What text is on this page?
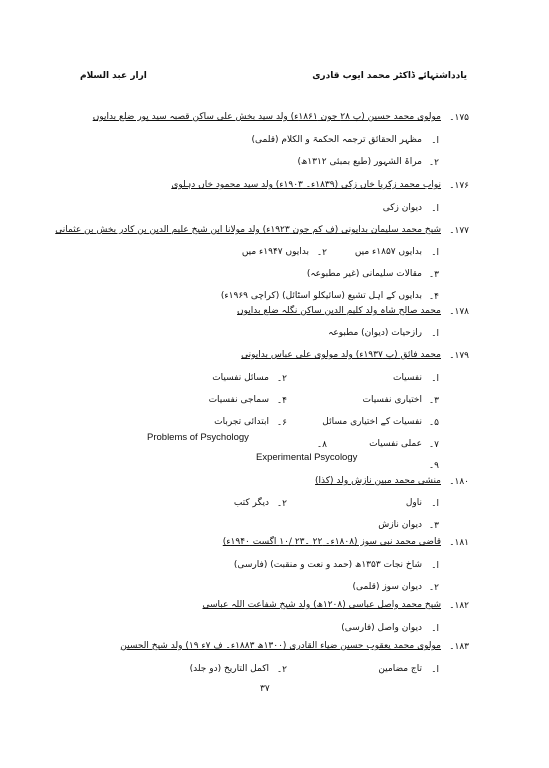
یادداشتہائے ڈاکٹر محمد ایوب قادری
ارار عبد السلام
۱۷۵۔
مولوی محمد حسین (پ ۲۸ جون ۱۸۶۱ء) ولد سید بخش علی ساکن قصبہ سید پور ضلع بدایوں
ا۔
مظہر الحقائق ترجمہ الحکمۃ و الکلام (قلمی)
۲۔
مراۃ الشہور (طبع بمبئی ۱۳۱۲ھ)
۱۷۶۔
نواب محمد زکریا خاں زکی (۱۸۳۹ء۔ ۱۹۰۳ء) ولد سید محمود خاں دہلوی
ا۔
دیوان زکی
۱۷۷۔
شیخ محمد سلیمان بدایونی (ف کم جون ۱۹۲۳ء) ولد مولانا ابن شیخ علیم الدین بن کادر بخش بن عثمانی
ا۔
بدایوں ۱۸۵۷ء میں
۲۔
بدایوں ۱۹۴۷ء میں
۳۔
مقالات سلیمانی (غیر مطبوعہ)
۴۔
بدایوں کے اہل تشیع (سائیکلو اسٹائل) (کراچی ۱۹۶۹ء)
۱۷۸۔
محمد صالح شاہ ولد کلیم الدین ساکن نگلہ ضلع بدایوں
ا۔
رازحیات (دیوان) مطبوعہ
۱۷۹۔
محمد فائق (پ ۱۹۳۷ء) ولد مولوی علی عباس بدایونی
ا۔
نفسیات
۲۔
مسائل نفسیات
۳۔
اختیاری نفسیات
۴۔
سماجی نفسیات
۵۔
نفسیات کے اختیاری مسائل
۶۔
ابتدائی تجربات
۷۔
عملی نفسیات
۸۔
Problems of Psychology
۹۔
Experimental Psycology
۱۸۰۔
منشی محمد مبین نازش ولد (کذا)
ا۔
ناول
۲۔
دیگر کتب
۳۔
دیوان نازش
۱۸۱۔
قاضی محمد نبی سوز (۱۸۰۸ء۔ ۲۲ ۔۲۳ /۱۰ اگست ۱۹۴۰ء)
ا۔
شاخ نجات ۱۳۵۳ھ (حمد و نعت و منقبت) (فارسی)
۲۔
دیوان سوز (قلمی)
۱۸۲۔
شیخ محمد واصل عباسی (۱۲۰۸ھ) ولد شیخ شفاعت اللہ عباسی
ا۔
دیوان واصل (فارسی)
۱۸۳۔
مولوی محمد یعقوب حسین ضیاء القادری (۱۳۰۰ھ ۱۸۸۳ء۔ ف ۷ء ۱۹) ولد شیخ الحسین
ا۔
تاج مضامین
۲۔
اکمل التاریخ (دو جلد)
۳۷
